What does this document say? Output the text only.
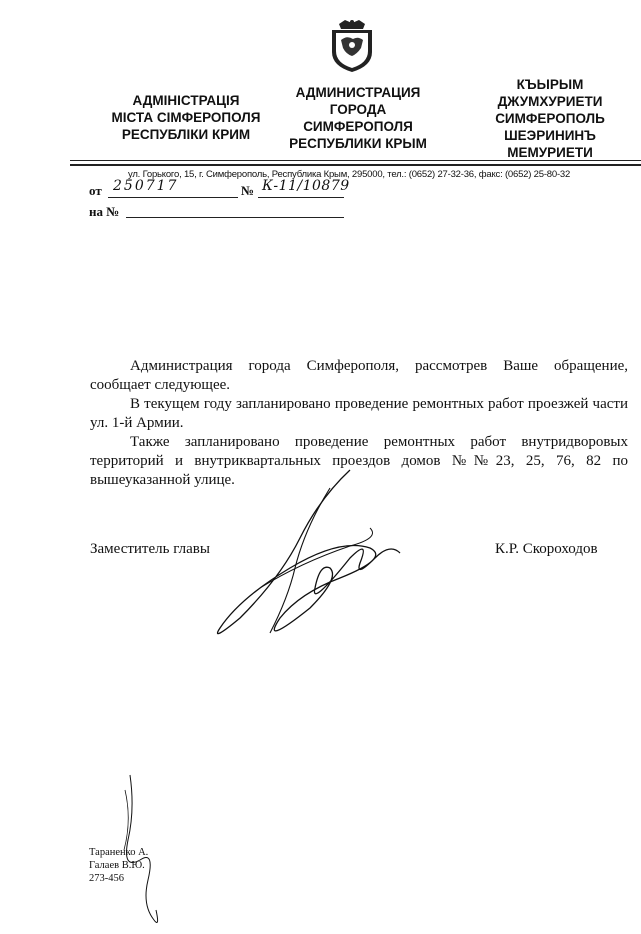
АДМІНІСТРАЦІЯ
МІСТА СІМФЕРОПОЛЯ
РЕСПУБЛІКИ КРИМ
АДМИНИСТРАЦИЯ
ГОРОДА
СИМФЕРОПОЛЯ
РЕСПУБЛИКИ КРЫМ
КЪЫРЫМ
ДЖУМХУРИЕТИ
СИМФЕРОПОЛЬ
ШЕЭРИНИНЪ
МЕМУРИЕТИ
ул. Горького, 15, г. Симферополь, Республика Крым, 295000, тел.: (0652) 27-32-36, факс: (0652) 25-80-32
от 250717	№ К-11/10879
на №
Администрация города Симферополя, рассмотрев Ваше обращение, сообщает следующее.
В текущем году запланировано проведение ремонтных работ проезжей части ул. 1-й Армии.
Также запланировано проведение ремонтных работ внутридворовых территорий и внутриквартальных проездов домов №№23, 25, 76, 82 по вышеуказанной улице.
Заместитель главы	К.Р. Скороходов
Тараненко А.
Галаев В.Ю.
273-456
